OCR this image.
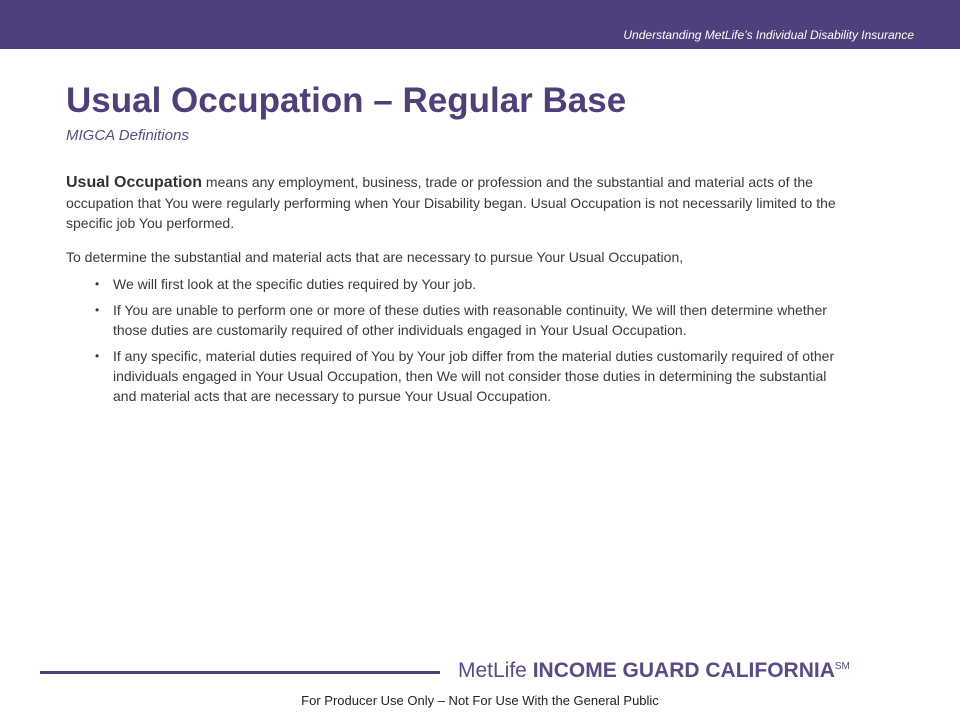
Understanding MetLife’s Individual Disability Insurance
Usual Occupation – Regular Base
MIGCA Definitions

Usual Occupation means any employment, business, trade or profession and the substantial and material acts of the occupation that You were regularly performing when Your Disability began. Usual Occupation is not necessarily limited to the specific job You performed.

To determine the substantial and material acts that are necessary to pursue Your Usual Occupation,

• We will first look at the specific duties required by Your job.
• If You are unable to perform one or more of these duties with reasonable continuity, We will then determine whether those duties are customarily required of other individuals engaged in Your Usual Occupation.
• If any specific, material duties required of You by Your job differ from the material duties customarily required of other individuals engaged in Your Usual Occupation, then We will not consider those duties in determining the substantial and material acts that are necessary to pursue Your Usual Occupation.
MetLife INCOME GUARD CALIFORNIA℠
For Producer Use Only – Not For Use With the General Public
